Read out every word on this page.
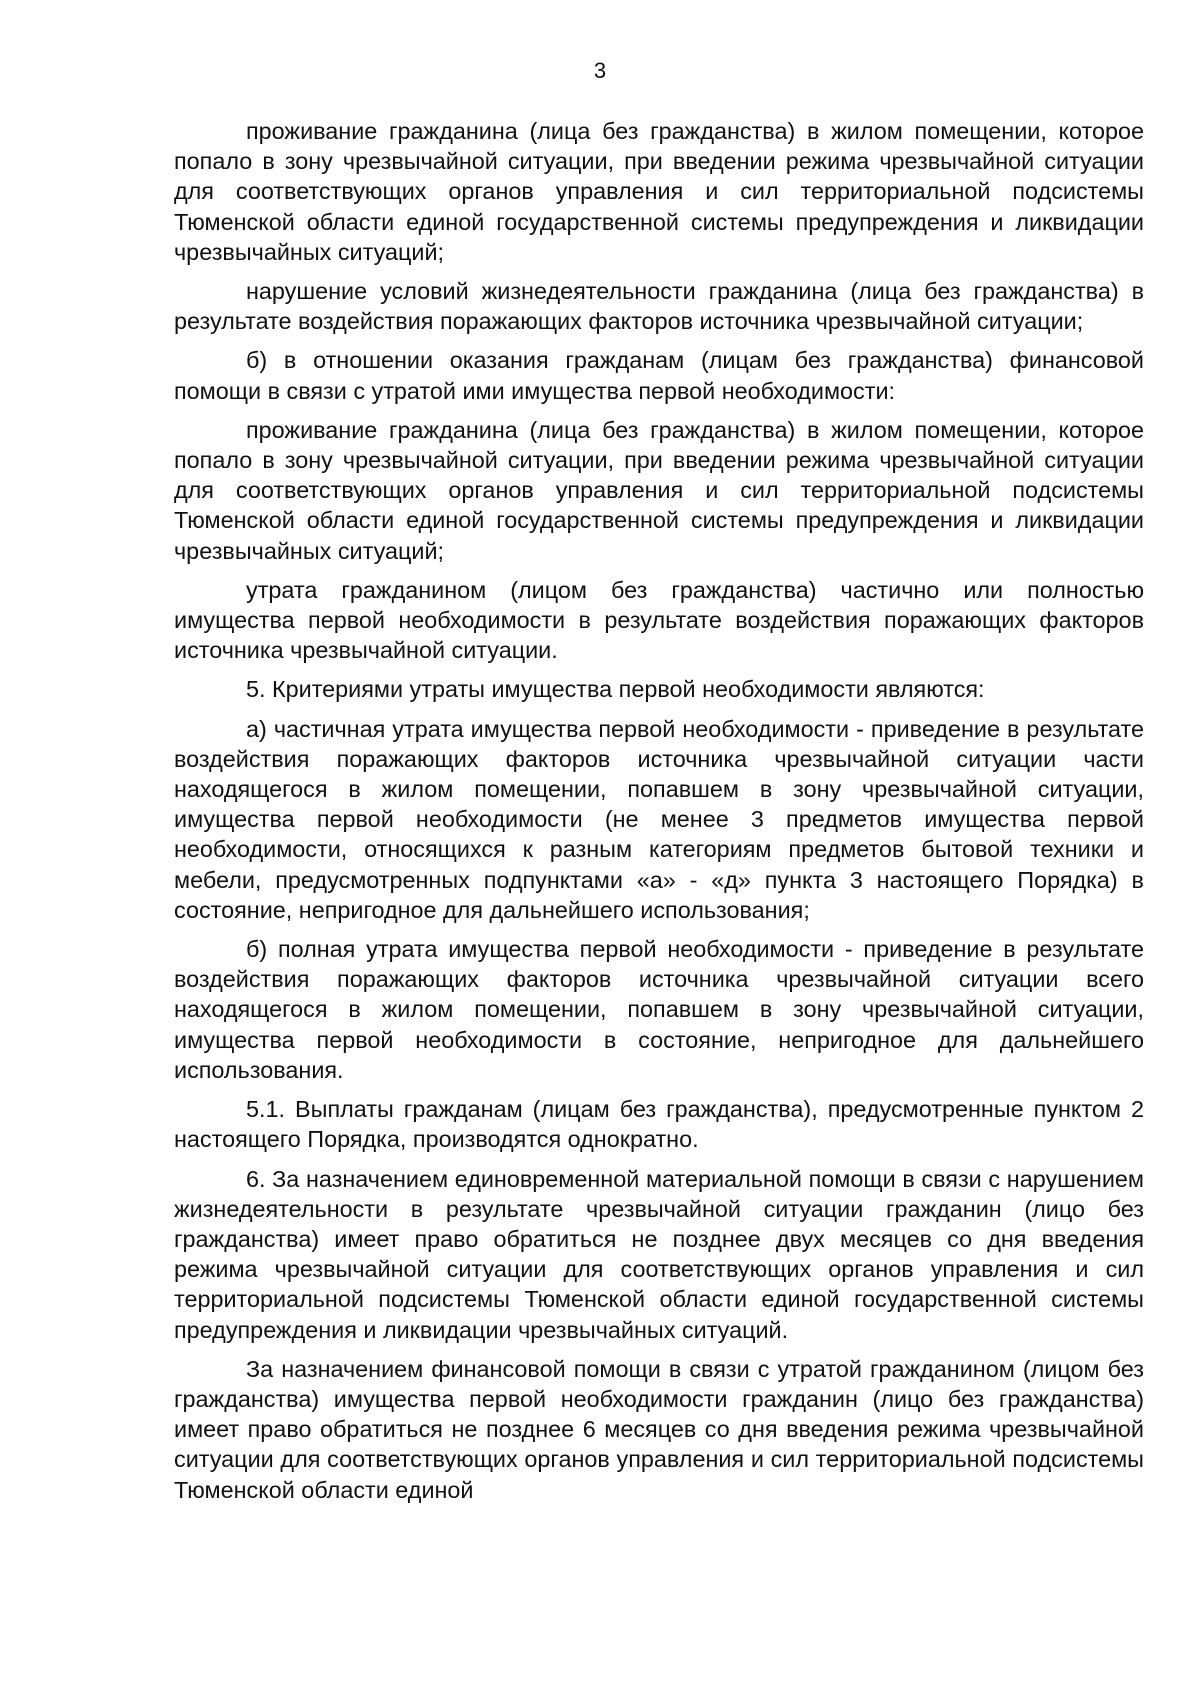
3

проживание гражданина (лица без гражданства) в жилом помещении, которое попало в зону чрезвычайной ситуации, при введении режима чрезвычайной ситуации для соответствующих органов управления и сил территориальной подсистемы Тюменской области единой государственной системы предупреждения и ликвидации чрезвычайных ситуаций;

нарушение условий жизнедеятельности гражданина (лица без гражданства) в результате воздействия поражающих факторов источника чрезвычайной ситуации;

б) в отношении оказания гражданам (лицам без гражданства) финансовой помощи в связи с утратой ими имущества первой необходимости:

проживание гражданина (лица без гражданства) в жилом помещении, которое попало в зону чрезвычайной ситуации, при введении режима чрезвычайной ситуации для соответствующих органов управления и сил территориальной подсистемы Тюменской области единой государственной системы предупреждения и ликвидации чрезвычайных ситуаций;

утрата гражданином (лицом без гражданства) частично или полностью имущества первой необходимости в результате воздействия поражающих факторов источника чрезвычайной ситуации.

5. Критериями утраты имущества первой необходимости являются:

а) частичная утрата имущества первой необходимости - приведение в результате воздействия поражающих факторов источника чрезвычайной ситуации части находящегося в жилом помещении, попавшем в зону чрезвычайной ситуации, имущества первой необходимости (не менее 3 предметов имущества первой необходимости, относящихся к разным категориям предметов бытовой техники и мебели, предусмотренных подпунктами «а» - «д» пункта 3 настоящего Порядка) в состояние, непригодное для дальнейшего использования;

б) полная утрата имущества первой необходимости - приведение в результате воздействия поражающих факторов источника чрезвычайной ситуации всего находящегося в жилом помещении, попавшем в зону чрезвычайной ситуации, имущества первой необходимости в состояние, непригодное для дальнейшего использования.

5.1. Выплаты гражданам (лицам без гражданства), предусмотренные пунктом 2 настоящего Порядка, производятся однократно.

6. За назначением единовременной материальной помощи в связи с нарушением жизнедеятельности в результате чрезвычайной ситуации гражданин (лицо без гражданства) имеет право обратиться не позднее двух месяцев со дня введения режима чрезвычайной ситуации для соответствующих органов управления и сил территориальной подсистемы Тюменской области единой государственной системы предупреждения и ликвидации чрезвычайных ситуаций.

За назначением финансовой помощи в связи с утратой гражданином (лицом без гражданства) имущества первой необходимости гражданин (лицо без гражданства) имеет право обратиться не позднее 6 месяцев со дня введения режима чрезвычайной ситуации для соответствующих органов управления и сил территориальной подсистемы Тюменской области единой
